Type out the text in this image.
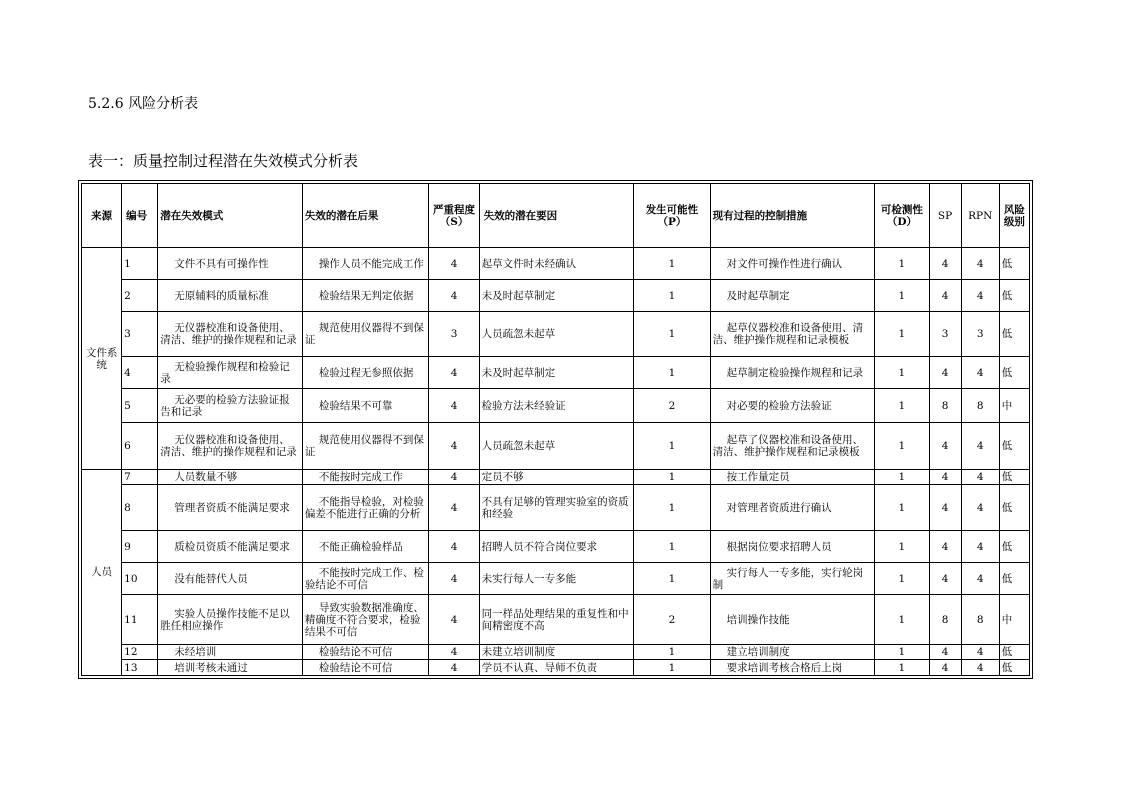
5.2.6 风险分析表
表一：质量控制过程潜在失效模式分析表
来源	编号	潜在失效模式	失效的潜在后果	严重程度（S）	失效的潜在要因	发生可能性（P）	现有过程的控制措施	可检测性（D）	SP	RPN	风险级别
文件系统	1	文件不具有可操作性	操作人员不能完成工作	4	起草文件时未经确认	1	对文件可操作性进行确认	1	4	4	低
	2	无原辅料的质量标准	检验结果无判定依据	4	未及时起草制定	1	及时起草制定	1	4	4	低
	3	无仪器校准和设备使用、清洁、维护的操作规程和记录	规范使用仪器得不到保证	3	人员疏忽未起草	1	起草仪器校准和设备使用、清洁、维护操作规程和记录模板	1	3	3	低
	4	无检验操作规程和检验记录	检验过程无参照依据	4	未及时起草制定	1	起草制定检验操作规程和记录	1	4	4	低
	5	无必要的检验方法验证报告和记录	检验结果不可靠	4	检验方法未经验证	2	对必要的检验方法验证	1	8	8	中
	6	无仪器校准和设备使用、清洁、维护的操作规程和记录	规范使用仪器得不到保证	4	人员疏忽未起草	1	起草了仪器校准和设备使用、清洁、维护操作规程和记录模板	1	4	4	低
人员	7	人员数量不够	不能按时完成工作	4	定员不够	1	按工作量定员	1	4	4	低
	8	管理者资质不能满足要求	不能指导检验，对检验偏差不能进行正确的分析	4	不具有足够的管理实验室的资质和经验	1	对管理者资质进行确认	1	4	4	低
	9	质检员资质不能满足要求	不能正确检验样品	4	招聘人员不符合岗位要求	1	根据岗位要求招聘人员	1	4	4	低
	10	没有能替代人员	不能按时完成工作、检验结论不可信	4	未实行每人一专多能	1	实行每人一专多能，实行轮岗制	1	4	4	低
	11	实验人员操作技能不足以胜任相应操作	导致实验数据准确度、精确度不符合要求，检验结果不可信	4	同一样品处理结果的重复性和中间精密度不高	2	培训操作技能	1	8	8	中
	12	未经培训	检验结论不可信	4	未建立培训制度	1	建立培训制度	1	4	4	低
	13	培训考核未通过	检验结论不可信	4	学员不认真、导师不负责	1	要求培训考核合格后上岗	1	4	4	低
